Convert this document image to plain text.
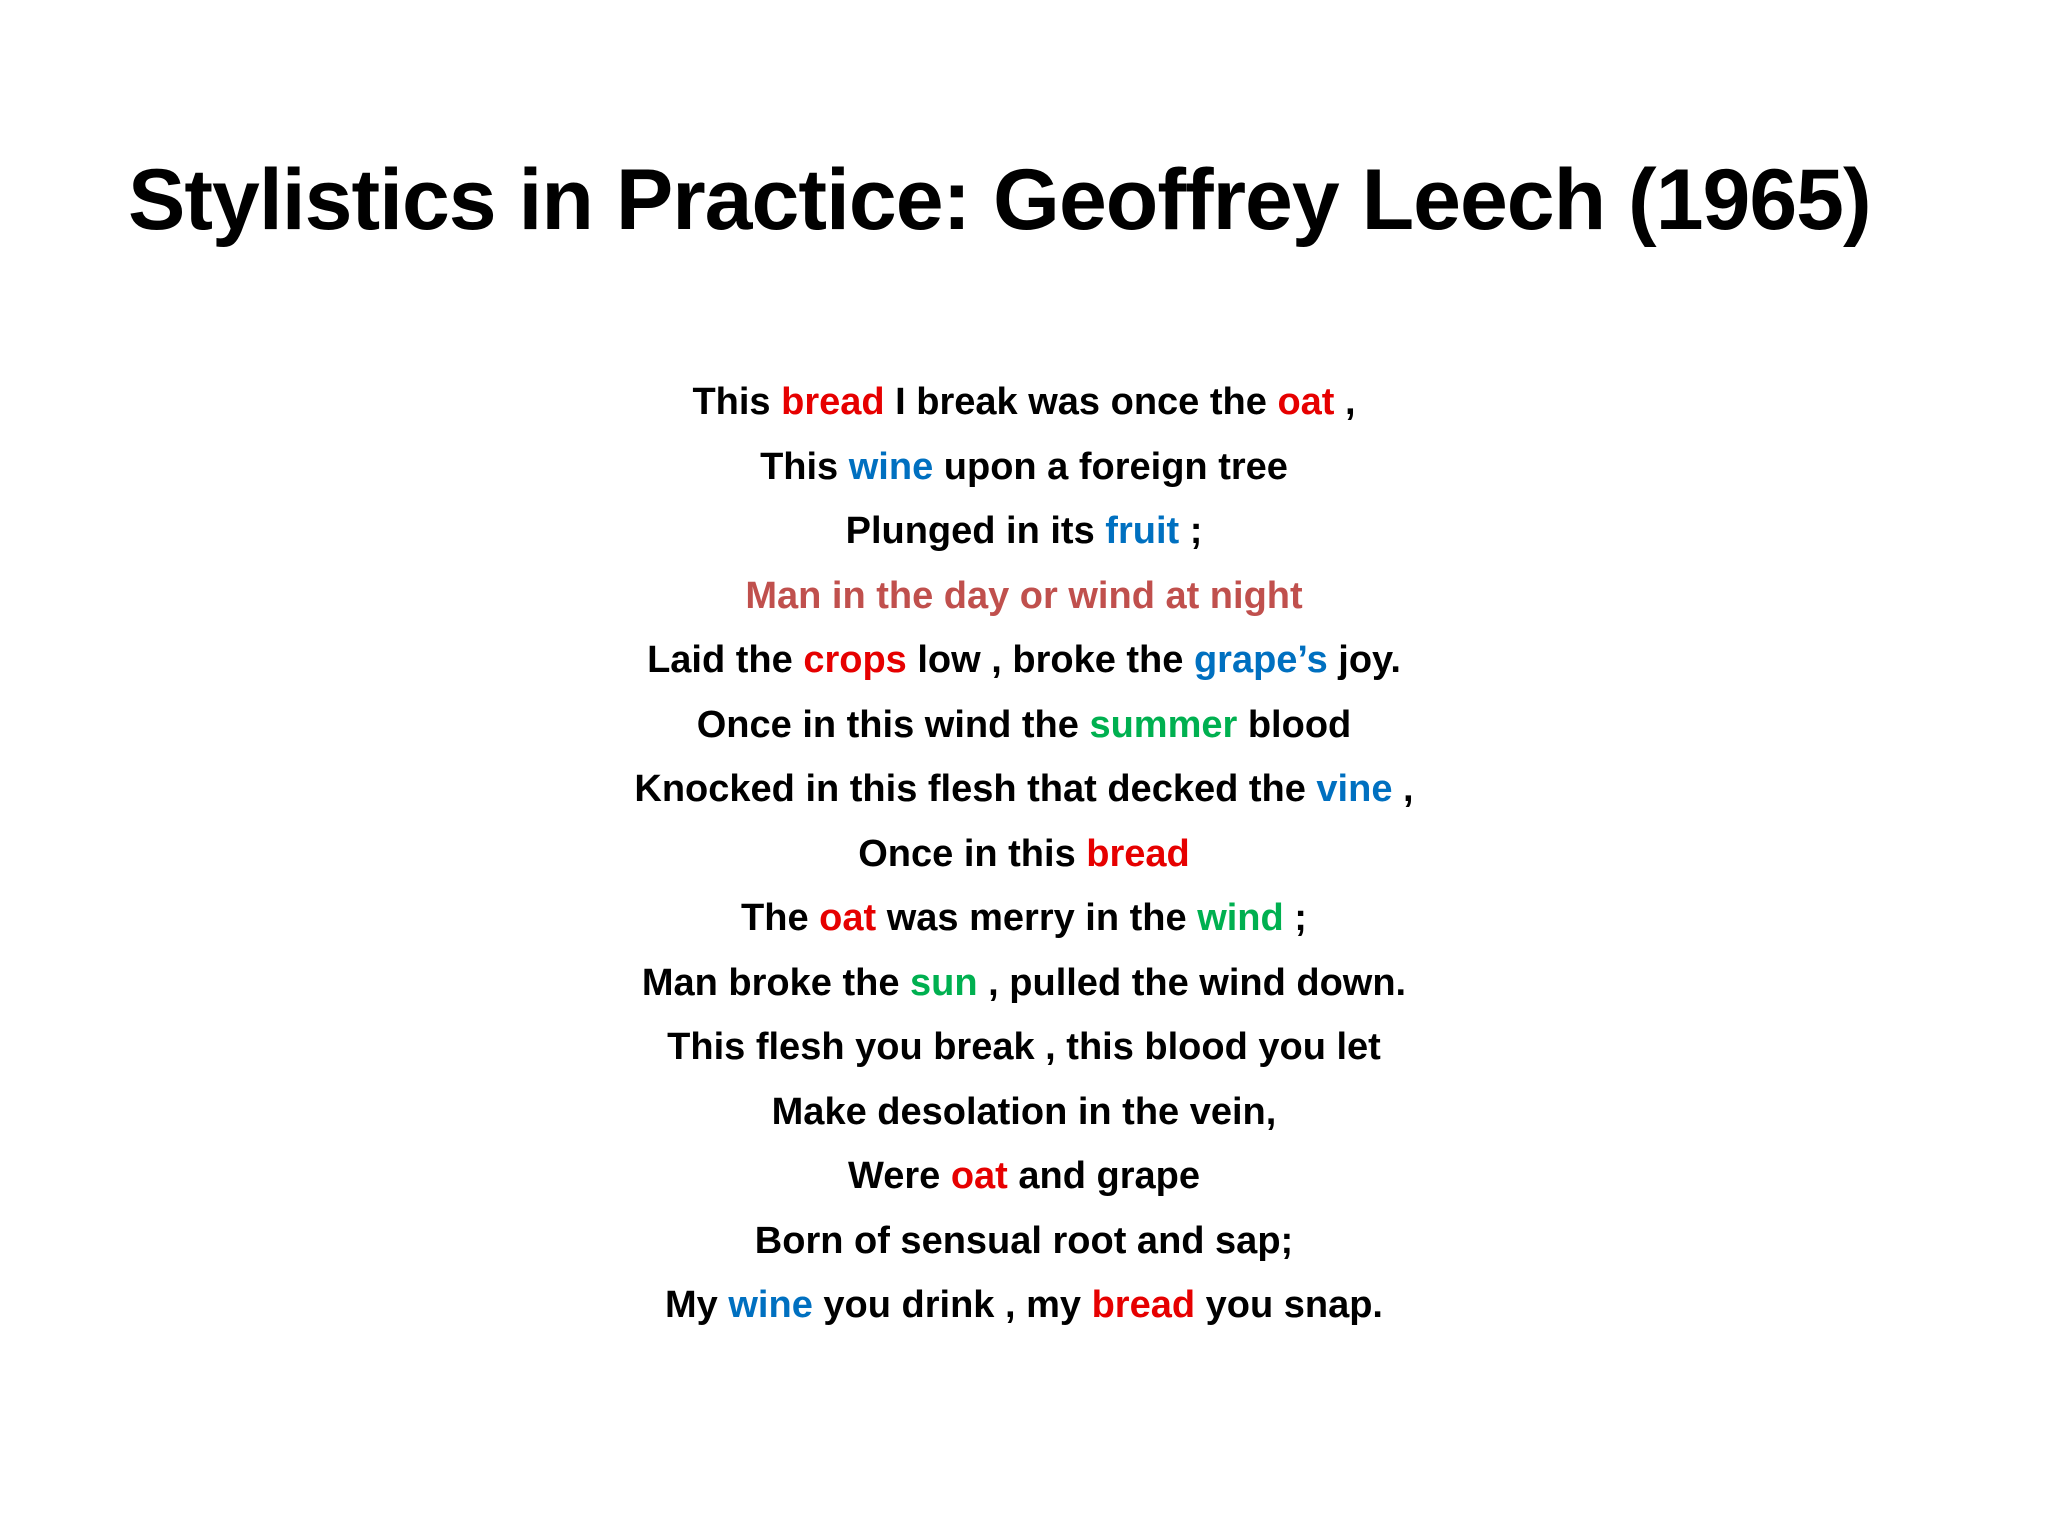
Stylistics in Practice: Geoffrey Leech (1965)
This bread I break was once the oat ,
This wine upon a foreign tree
Plunged in its fruit ;
Man in the day or wind at night
Laid the crops low , broke the grape’s joy.
Once in this wind the summer blood
Knocked in this flesh that decked the vine ,
Once in this bread
The oat was merry in the wind ;
Man broke the sun , pulled the wind down.
This flesh you break , this blood you let
Make desolation in the vein,
Were oat and grape
Born of sensual root and sap;
My wine you drink , my bread you snap.
